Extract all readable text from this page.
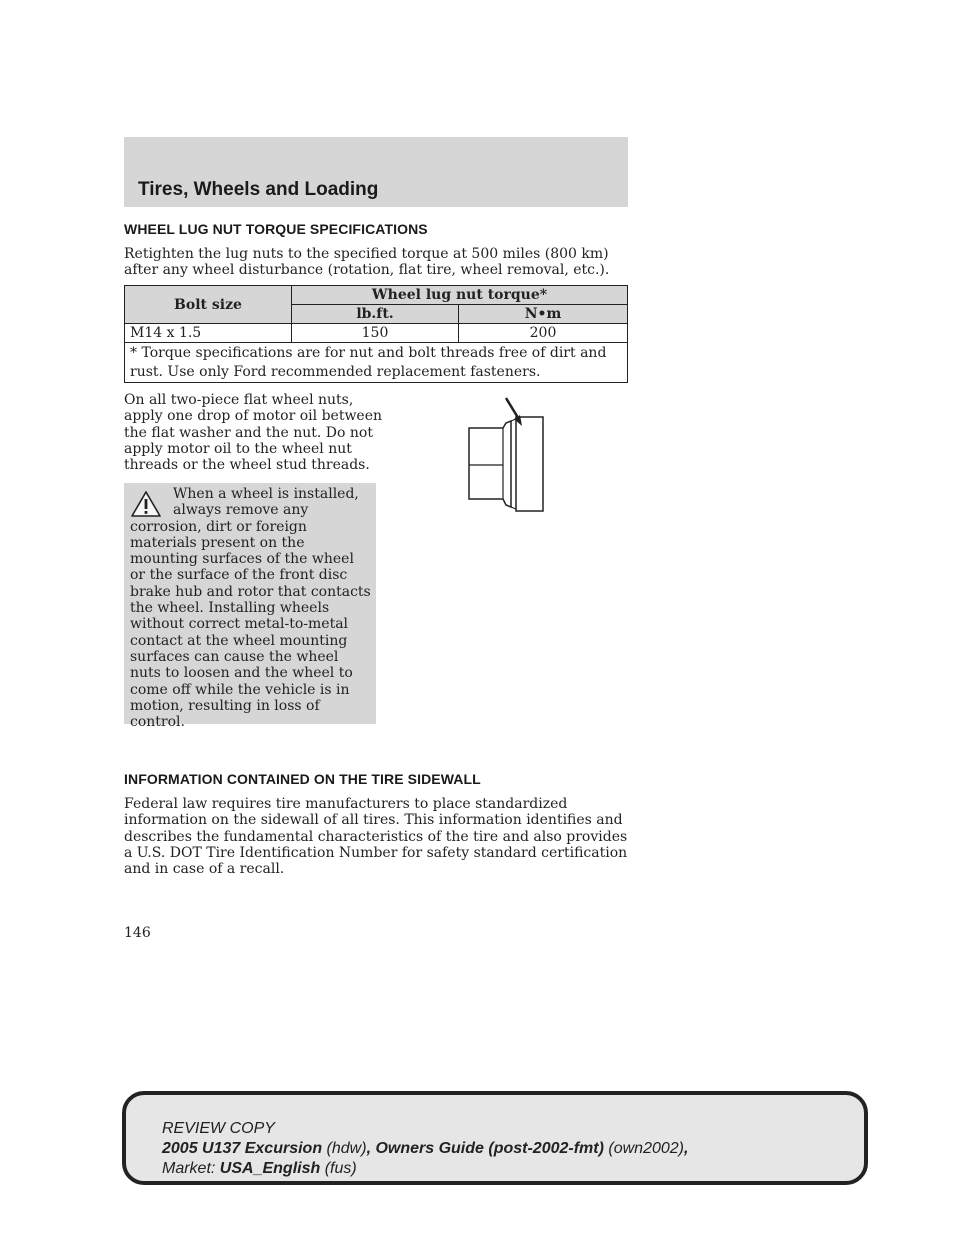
Tires, Wheels and Loading
WHEEL LUG NUT TORQUE SPECIFICATIONS
Retighten the lug nuts to the specified torque at 500 miles (800 km) after any wheel disturbance (rotation, flat tire, wheel removal, etc.).
Bolt size	Wheel lug nut torque*	
	lb.ft.	N•m
M14 x 1.5	150	200
* Torque specifications are for nut and bolt threads free of dirt and rust. Use only Ford recommended replacement fasteners.		
On all two-piece flat wheel nuts, apply one drop of motor oil between the flat washer and the nut. Do not apply motor oil to the wheel nut threads or the wheel stud threads.
When a wheel is installed, always remove any corrosion, dirt or foreign materials present on the mounting surfaces of the wheel or the surface of the front disc brake hub and rotor that contacts the wheel. Installing wheels without correct metal-to-metal contact at the wheel mounting surfaces can cause the wheel nuts to loosen and the wheel to come off while the vehicle is in motion, resulting in loss of control.
INFORMATION CONTAINED ON THE TIRE SIDEWALL
Federal law requires tire manufacturers to place standardized information on the sidewall of all tires. This information identifies and describes the fundamental characteristics of the tire and also provides a U.S. DOT Tire Identification Number for safety standard certification and in case of a recall.
146
REVIEW COPY
2005 U137 Excursion (hdw), Owners Guide (post-2002-fmt) (own2002),
Market: USA_English (fus)
